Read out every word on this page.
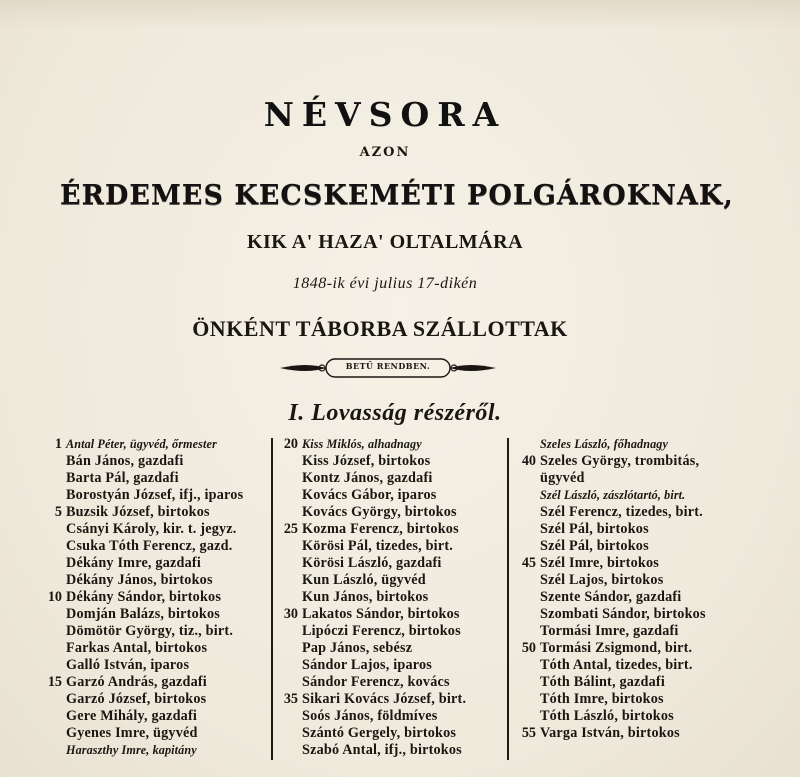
NÉVSORA
AZON
ÉRDEMES KECSKEMÉTI POLGÁROKNAK,
KIK A' HAZA' OLTALMÁRA
1848-ik évi julius 17-dikén
ÖNKÉNT TÁBORBA SZÁLLOTTAK
BETŰ RENDBEN.
I. Lovasság részéről.
1 Antal Péter, ügyvéd, őrmester
Bán János, gazdafi
Barta Pál, gazdafi
Borostyán József, ifj., iparos
5 Buzsik József, birtokos
Csányi Károly, kir. t. jegyz.
Csuka Tóth Ferencz, gazd.
Dékány Imre, gazdafi
Dékány János, birtokos
10 Dékány Sándor, birtokos
Domján Balázs, birtokos
Dömötör György, tiz., birt.
Farkas Antal, birtokos
Galló István, iparos
15 Garzó András, gazdafi
Garzó József, birtokos
Gere Mihály, gazdafi
Gyenes Imre, ügyvéd
Haraszthy Imre, kapitány
20 Kiss Miklós, alhadnagy
Kiss József, birtokos
Kontz János, gazdafi
Kovács Gábor, iparos
Kovács György, birtokos
25 Kozma Ferencz, birtokos
Körösi Pál, tizedes, birt.
Körösi László, gazdafi
Kun László, ügyvéd
Kun János, birtokos
30 Lakatos Sándor, birtokos
Lipóczi Ferencz, birtokos
Pap János, sebész
Sándor Lajos, iparos
Sándor Ferencz, kovács
35 Sikari Kovács József, birt.
Soós János, földmíves
Szántó Gergely, birtokos
Szabó Antal, ifj., birtokos
Szeles László, főhadnagy
40 Szeles György, trombitás,
ügyvéd
Szél László, zászlótartó, birt.
Szél Ferencz, tizedes, birt.
Szél Pál, birtokos
Szél Pál, birtokos
45 Szél Imre, birtokos
Szél Lajos, birtokos
Szente Sándor, gazdafi
Szombati Sándor, birtokos
Tormási Imre, gazdafi
50 Tormási Zsigmond, birt.
Tóth Antal, tizedes, birt.
Tóth Bálint, gazdafi
Tóth Imre, birtokos
Tóth László, birtokos
55 Varga István, birtokos
